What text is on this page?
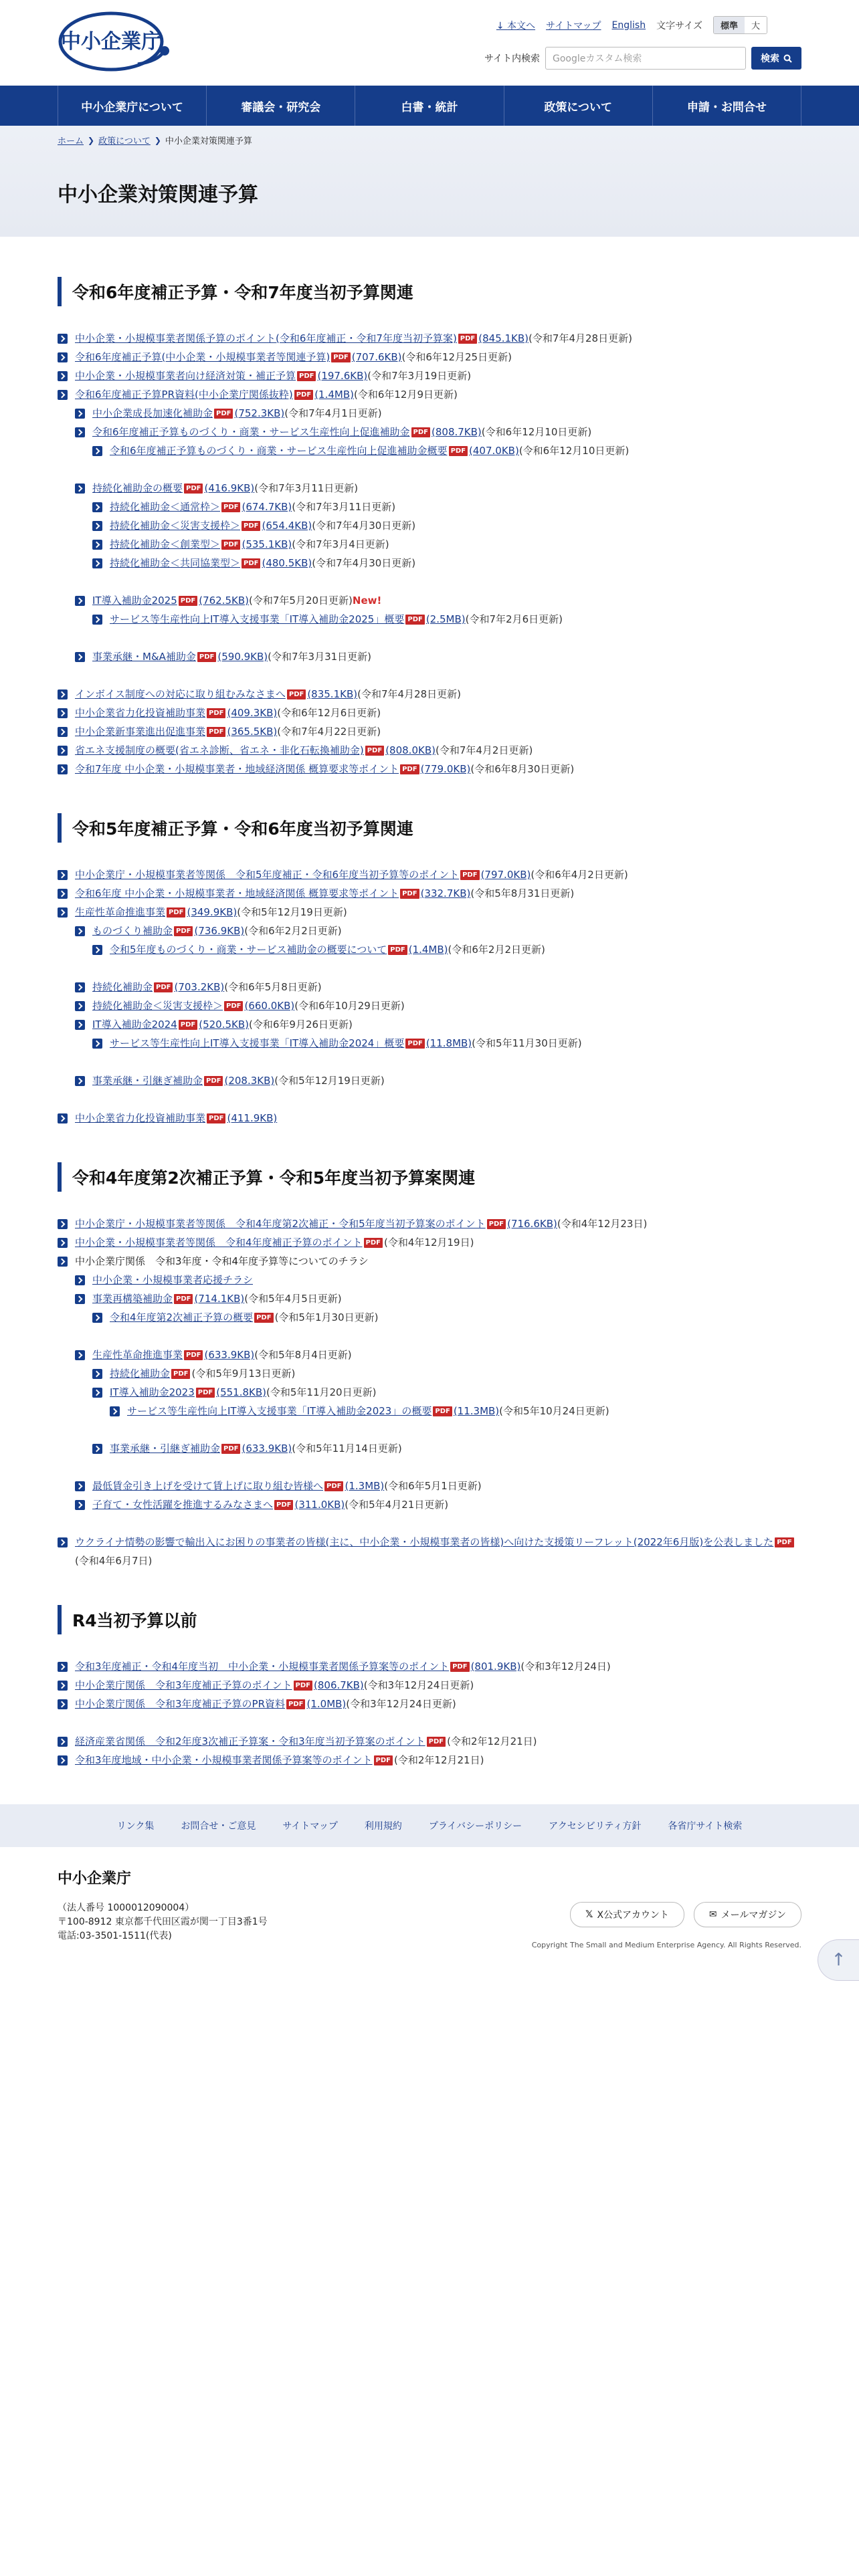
中小企業庁
↓ 本文へ サイトマップ English 文字サイズ	標準	大
サイト内検索	Googleカスタム検索	検索
中小企業庁について	審議会・研究会	白書・統計	政策について	申請・お問合せ
ホーム ❯ 政策について ❯ 中小企業対策関連予算
中小企業対策関連予算
令和6年度補正予算・令和7年度当初予算関連
中小企業・小規模事業者関係予算のポイント(令和6年度補正・令和7年度当初予算案) PDF (845.1KB)(令和7年4月28日更新)
令和6年度補正予算(中小企業・小規模事業者等関連予算) PDF (707.6KB)(令和6年12月25日更新)
中小企業・小規模事業者向け経済対策・補正予算 PDF (197.6KB)(令和7年3月19日更新)
令和6年度補正予算PR資料(中小企業庁関係抜粋) PDF (1.4MB)(令和6年12月9日更新)
中小企業成長加速化補助金 PDF (752.3KB)(令和7年4月1日更新)
令和6年度補正予算ものづくり・商業・サービス生産性向上促進補助金 PDF (808.7KB)(令和6年12月10日更新)
令和6年度補正予算ものづくり・商業・サービス生産性向上促進補助金概要 PDF (407.0KB)(令和6年12月10日更新)
持続化補助金の概要 PDF (416.9KB)(令和7年3月11日更新)
持続化補助金＜通常枠＞ PDF (674.7KB)(令和7年3月11日更新)
持続化補助金＜災害支援枠＞ PDF (654.4KB)(令和7年4月30日更新)
持続化補助金＜創業型＞ PDF (535.1KB)(令和7年3月4日更新)
持続化補助金＜共同協業型＞ PDF (480.5KB)(令和7年4月30日更新)
IT導入補助金2025 PDF (762.5KB)(令和7年5月20日更新)New!
サービス等生産性向上IT導入支援事業「IT導入補助金2025」概要 PDF (2.5MB)(令和7年2月6日更新)
事業承継・M&A補助金 PDF (590.9KB)(令和7年3月31日更新)
インボイス制度への対応に取り組むみなさまへ PDF (835.1KB)(令和7年4月28日更新)
中小企業省力化投資補助事業 PDF (409.3KB)(令和6年12月6日更新)
中小企業新事業進出促進事業 PDF (365.5KB)(令和7年4月22日更新)
省エネ支援制度の概要(省エネ診断、省エネ・非化石転換補助金) PDF (808.0KB)(令和7年4月2日更新)
令和7年度 中小企業・小規模事業者・地域経済関係 概算要求等ポイント PDF (779.0KB)(令和6年8月30日更新)
令和5年度補正予算・令和6年度当初予算関連
中小企業庁・小規模事業者等関係　令和5年度補正・令和6年度当初予算等のポイント PDF (797.0KB)(令和6年4月2日更新)
令和6年度 中小企業・小規模事業者・地域経済関係 概算要求等ポイント PDF (332.7KB)(令和5年8月31日更新)
生産性革命推進事業 PDF (349.9KB)(令和5年12月19日更新)
ものづくり補助金 PDF (736.9KB)(令和6年2月2日更新)
令和5年度ものづくり・商業・サービス補助金の概要について PDF (1.4MB)(令和6年2月2日更新)
持続化補助金 PDF (703.2KB)(令和6年5月8日更新)
持続化補助金＜災害支援枠＞ PDF (660.0KB)(令和6年10月29日更新)
IT導入補助金2024 PDF (520.5KB)(令和6年9月26日更新)
サービス等生産性向上IT導入支援事業「IT導入補助金2024」概要 PDF (11.8MB)(令和5年11月30日更新)
事業承継・引継ぎ補助金 PDF (208.3KB)(令和5年12月19日更新)
中小企業省力化投資補助事業 PDF (411.9KB)
令和4年度第2次補正予算・令和5年度当初予算案関連
中小企業庁・小規模事業者等関係　令和4年度第2次補正・令和5年度当初予算案のポイント PDF (716.6KB)(令和4年12月23日)
中小企業・小規模事業者等関係　令和4年度補正予算のポイント PDF (令和4年12月19日)
中小企業庁関係　令和3年度・令和4年度予算等についてのチラシ
中小企業・小規模事業者応援チラシ
事業再構築補助金 PDF (714.1KB)(令和5年4月5日更新)
令和4年度第2次補正予算の概要 PDF (令和5年1月30日更新)
生産性革命推進事業 PDF (633.9KB)(令和5年8月4日更新)
持続化補助金 PDF (令和5年9月13日更新)
IT導入補助金2023 PDF (551.8KB)(令和5年11月20日更新)
サービス等生産性向上IT導入支援事業「IT導入補助金2023」の概要 PDF (11.3MB)(令和5年10月24日更新)
事業承継・引継ぎ補助金 PDF (633.9KB)(令和5年11月14日更新)
最低賃金引き上げを受けて賃上げに取り組む皆様へ PDF (1.3MB)(令和6年5月1日更新)
子育て・女性活躍を推進するみなさまへ PDF (311.0KB)(令和5年4月21日更新)
ウクライナ情勢の影響で輸出入にお困りの事業者の皆様(主に、中小企業・小規模事業者の皆様)へ向けた支援策リーフレット(2022年6月版)を公表しました PDF(令和4年6月7日)
R4当初予算以前
令和3年度補正・令和4年度当初　中小企業・小規模事業者関係予算案等のポイント PDF (801.9KB)(令和3年12月24日)
中小企業庁関係　令和3年度補正予算のポイント PDF (806.7KB)(令和3年12月24日更新)
中小企業庁関係　令和3年度補正予算のPR資料 PDF (1.0MB)(令和3年12月24日更新)
経済産業省関係　令和2年度3次補正予算案・令和3年度当初予算案のポイント PDF (令和2年12月21日)
令和3年度地域・中小企業・小規模事業者関係予算案等のポイント PDF (令和2年12月21日)
リンク集	お問合せ・ご意見	サイトマップ	利用規約	プライバシーポリシー	アクセシビリティ方針	各省庁サイト検索
中小企業庁
（法人番号 1000012090004）
〒100-8912 東京都千代田区霞が関一丁目3番1号
電話:03-3501-1511(代表)
𝕏 X公式アカウント	✉ メールマガジン
Copyright The Small and Medium Enterprise Agency. All Rights Reserved.
↑
